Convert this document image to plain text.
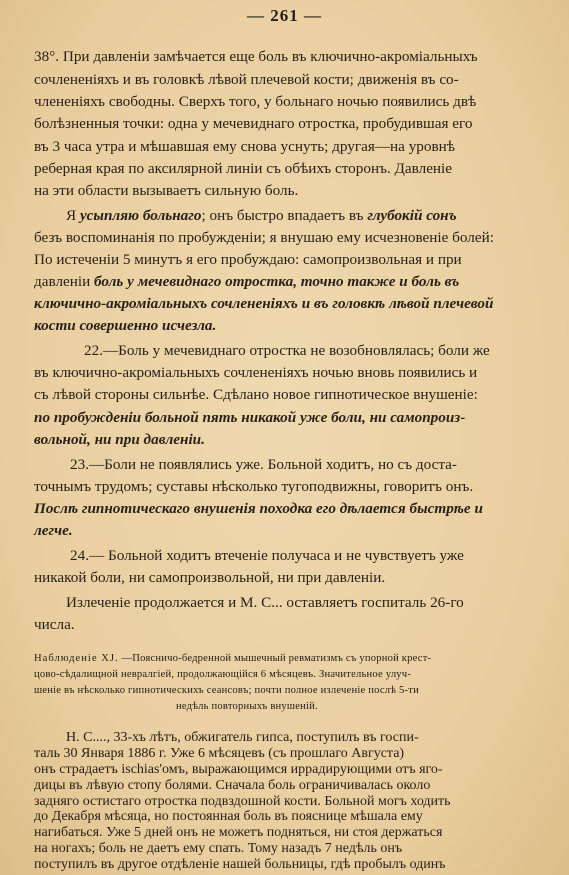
— 261 —
38°. При давленіи замѣчается еще боль въ ключично-акроміальныхъ
сочлененіяхъ и въ головкѣ лѣвой плечевой кости; движенія въ со-
члененіяхъ свободны. Сверхъ того, у больнаго ночью появились двѣ
болѣзненныя точки: одна у мечевиднаго отростка, пробудившая его
въ 3 часа утра и мѣшавшая ему снова уснуть; другая—на уровнѣ
реберная края по аксилярной линіи съ обѣихъ сторонъ. Давленіе
на эти области вызываетъ сильную боль.
Я усыпляю больнаго; онъ быстро впадаетъ въ глубокій сонъ
безъ воспоминанія по пробужденіи; я внушаю ему исчезновеніе болей:
По истеченіи 5 минутъ я его пробуждаю: самопроизвольная и при
давленіи боль у мечевиднаго отростка, точно также и боль въ
ключично-акроміальныхъ сочлененіяхъ и въ головкѣ лѣвой плечевой
кости совершенно исчезла.
22.—Боль у мечевиднаго отростка не возобновлялась; боли же
въ ключично-акроміальныхъ сочлененіяхъ ночью вновь появились и
съ лѣвой стороны сильнѣе. Сдѣлано новое гипнотическое внушеніе:
по пробужденіи больной пять никакой уже боли, ни самопроиз-
вольной, ни при давленіи.
23.—Боли не появлялись уже. Больной ходитъ, но съ доста-
точнымъ трудомъ; суставы нѣсколько тугоподвижны, говоритъ онъ.
Послѣ гипнотическаго внушенія походка его дѣлается быстрѣе и
легче.
24.— Больной ходитъ втеченіе получаса и не чувствуетъ уже
никакой боли, ни самопроизвольной, ни при давленіи.
Излеченіе продолжается и М. С... оставляетъ госпиталь 26-го
числа.
Наблюденіе XJ. —Поясничо-бедренной мышечный ревматизмъ съ упорной крест-
цово-сѣдалищной невралгіей, продолжающійся 6 мѣсяцевъ. Значительное улуч-
шеніе въ нѣсколько гипнотическихъ сеансовъ; почти полное излеченіе послѣ 5-ти
недѣль повторныхъ внушеній.
Н. С...., 33-хъ лѣтъ, обжигатель гипса, поступилъ въ госпи-
таль 30 Января 1886 г. Уже 6 мѣсяцевъ (съ прошлаго Августа)
онъ страдаетъ ischias'омъ, выражающимся иррадирующими отъ яго-
дицы въ лѣвую стопу болями. Сначала боль ограничивалась около
задняго остистаго отростка подвздошной кости. Больной могъ ходить
до Декабря мѣсяца, но постоянная боль въ пояснице мѣшала ему
нагибаться. Уже 5 дней онъ не можетъ подняться, ни стоя держаться
на ногахъ; боль не даетъ ему спать. Тому назадъ 7 недѣль онъ
поступилъ въ другое отдѣленіе нашей больницы, гдѣ пробылъ одинъ
